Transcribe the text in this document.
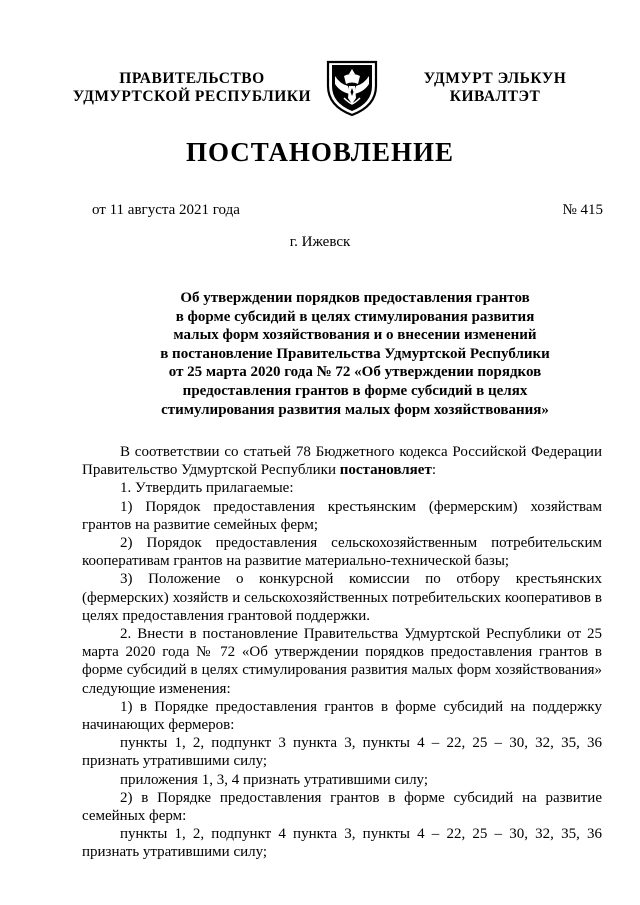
ПРАВИТЕЛЬСТВО
УДМУРТСКОЙ РЕСПУБЛИКИ
УДМУРТ ЭЛЬКУН
КИВАЛТЭТ
ПОСТАНОВЛЕНИЕ
от 11 августа 2021 года	№ 415
г. Ижевск
Об утверждении порядков предоставления грантов
в форме субсидий в целях стимулирования развития
малых форм хозяйствования и о внесении изменений
в постановление Правительства Удмуртской Республики
от 25 марта 2020 года № 72 «Об утверждении порядков
предоставления грантов в форме субсидий в целях
стимулирования развития малых форм хозяйствования»

В соответствии со статьей 78 Бюджетного кодекса Российской Федерации Правительство Удмуртской Республики постановляет:

1. Утвердить прилагаемые:

1) Порядок предоставления крестьянским (фермерским) хозяйствам грантов на развитие семейных ферм;

2) Порядок предоставления сельскохозяйственным потребительским кооперативам грантов на развитие материально-технической базы;

3) Положение о конкурсной комиссии по отбору крестьянских (фермерских) хозяйств и сельскохозяйственных потребительских кооперативов в целях предоставления грантовой поддержки.

2. Внести в постановление Правительства Удмуртской Республики от 25 марта 2020 года № 72 «Об утверждении порядков предоставления грантов в форме субсидий в целях стимулирования развития малых форм хозяйствования» следующие изменения:

1) в Порядке предоставления грантов в форме субсидий на поддержку начинающих фермеров:

пункты 1, 2, подпункт 3 пункта 3, пункты 4 – 22, 25 – 30, 32, 35, 36

признать утратившими силу;

приложения 1, 3, 4 признать утратившими силу;

2) в Порядке предоставления грантов в форме субсидий на развитие семейных ферм:

пункты 1, 2, подпункт 4 пункта 3, пункты 4 – 22, 25 – 30, 32, 35, 36

признать утратившими силу;
